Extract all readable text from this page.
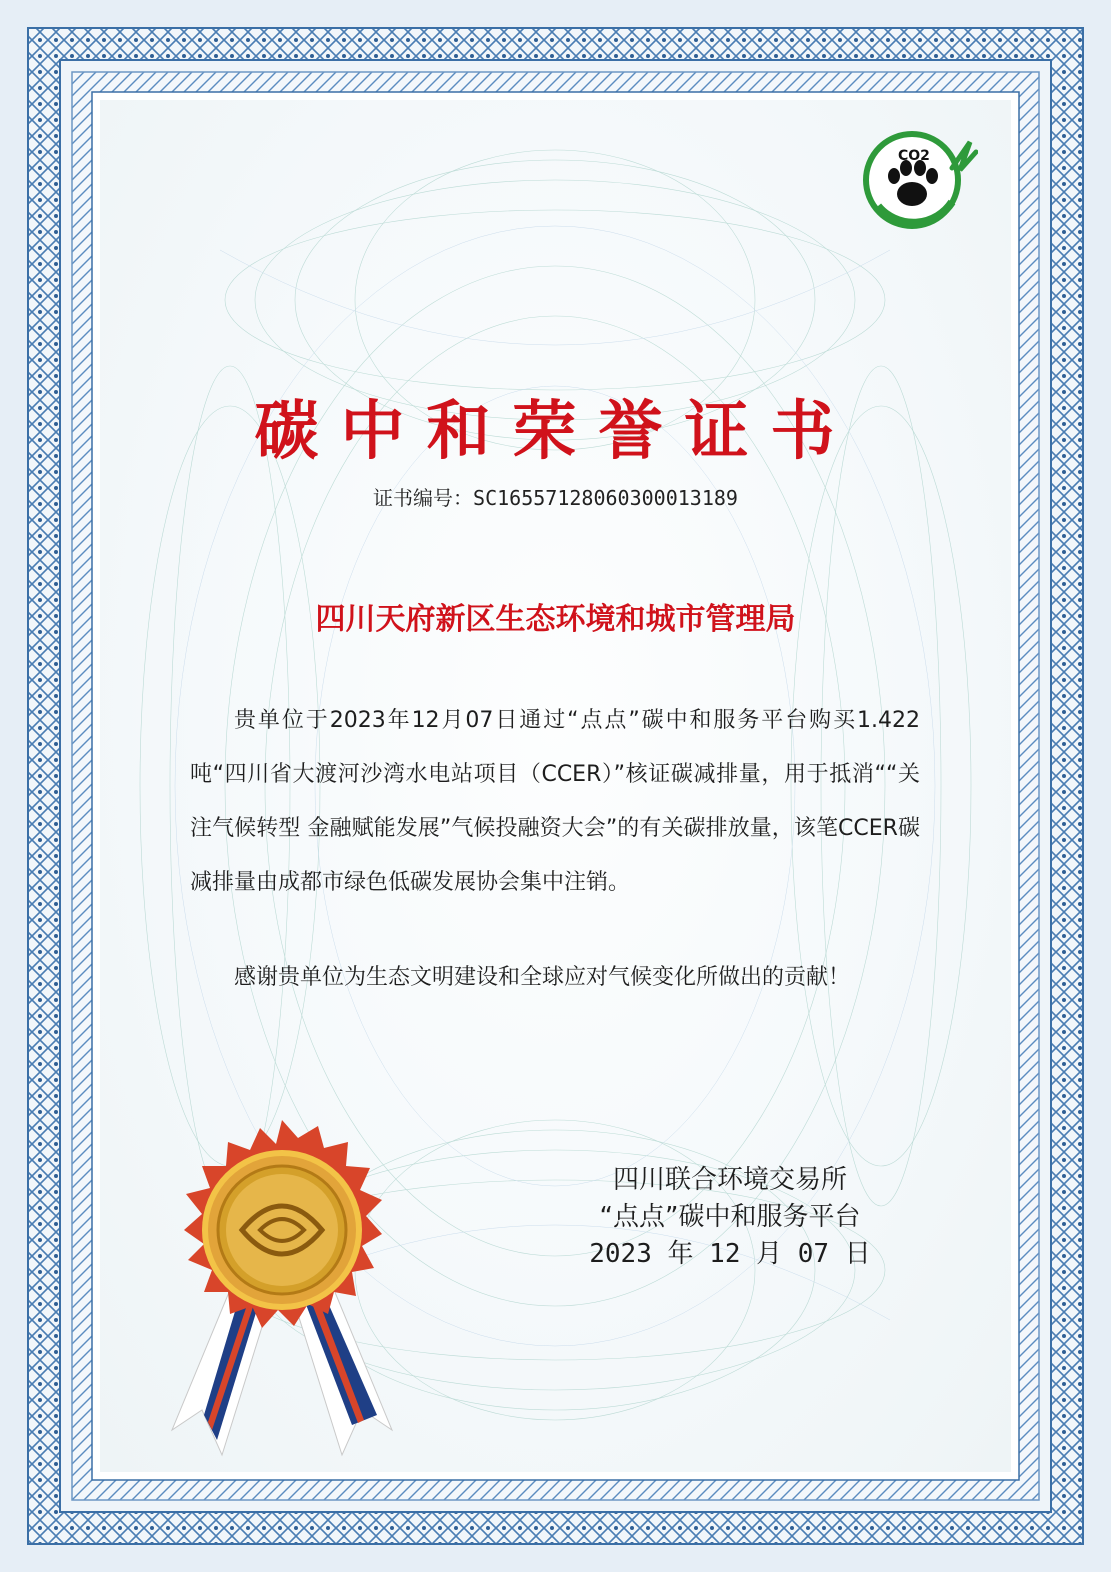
CO2
碳中和荣誉证书
证书编号：SC16557128060300013189
四川天府新区生态环境和城市管理局
贵单位于2023年12月07日通过“点点”碳中和服务平台购买1.422吨“四川省大渡河沙湾水电站项目（CCER）”核证碳减排量，用于抵消““关注气候转型 金融赋能发展”气候投融资大会”的有关碳排放量，该笔CCER碳减排量由成都市绿色低碳发展协会集中注销。
感谢贵单位为生态文明建设和全球应对气候变化所做出的贡献！
四川联合环境交易所
“点点”碳中和服务平台
2023 年 12 月 07 日
